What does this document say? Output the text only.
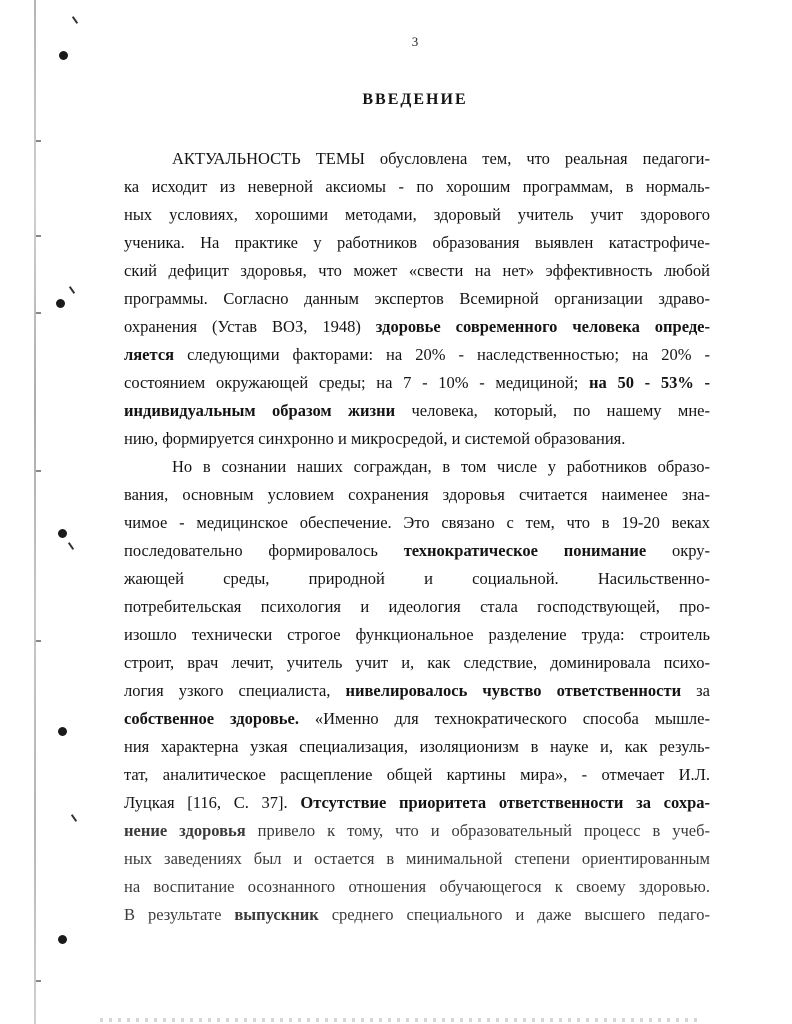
3
ВВЕДЕНИЕ
АКТУАЛЬНОСТЬ ТЕМЫ обусловлена тем, что реальная педагоги-
ка исходит из неверной аксиомы - по хорошим программам, в нормаль-
ных условиях, хорошими методами, здоровый учитель учит здорового
ученика. На практике у работников образования выявлен катастрофиче-
ский дефицит здоровья, что может «свести на нет» эффективность любой
программы. Согласно данным экспертов Всемирной организации здраво-
охранения (Устав ВОЗ, 1948) здоровье современного человека опреде-
ляется следующими факторами: на 20% - наследственностью; на 20% -
состоянием окружающей среды; на 7 - 10% - медициной; на 50 - 53% -
индивидуальным образом жизни человека, который, по нашему мне-
нию, формируется синхронно и микросредой, и системой образования.
Но в сознании наших сограждан, в том числе у работников образо-
вания, основным условием сохранения здоровья считается наименее зна-
чимое - медицинское обеспечение. Это связано с тем, что в 19-20 веках
последовательно формировалось технократическое понимание окру-
жающей      среды,      природной      и      социальной.      Насильственно-
потребительская психология и идеология стала господствующей, про-
изошло технически строгое функциональное разделение труда: строитель
строит, врач лечит, учитель учит и, как следствие, доминировала психо-
логия узкого специалиста, нивелировалось чувство ответственности за
собственное здоровье. «Именно для технократического способа мышле-
ния характерна узкая специализация, изоляционизм в науке и, как резуль-
тат, аналитическое расщепление общей картины мира», - отмечает И.Л.
Луцкая [116, С. 37]. Отсутствие приоритета ответственности за сохра-
нение здоровья привело к тому, что и образовательный процесс в учеб-
ных заведениях был и остается в минимальной степени ориентированным
на воспитание осознанного отношения обучающегося к своему здоровью.
В результате выпускник среднего специального и даже высшего педаго-
